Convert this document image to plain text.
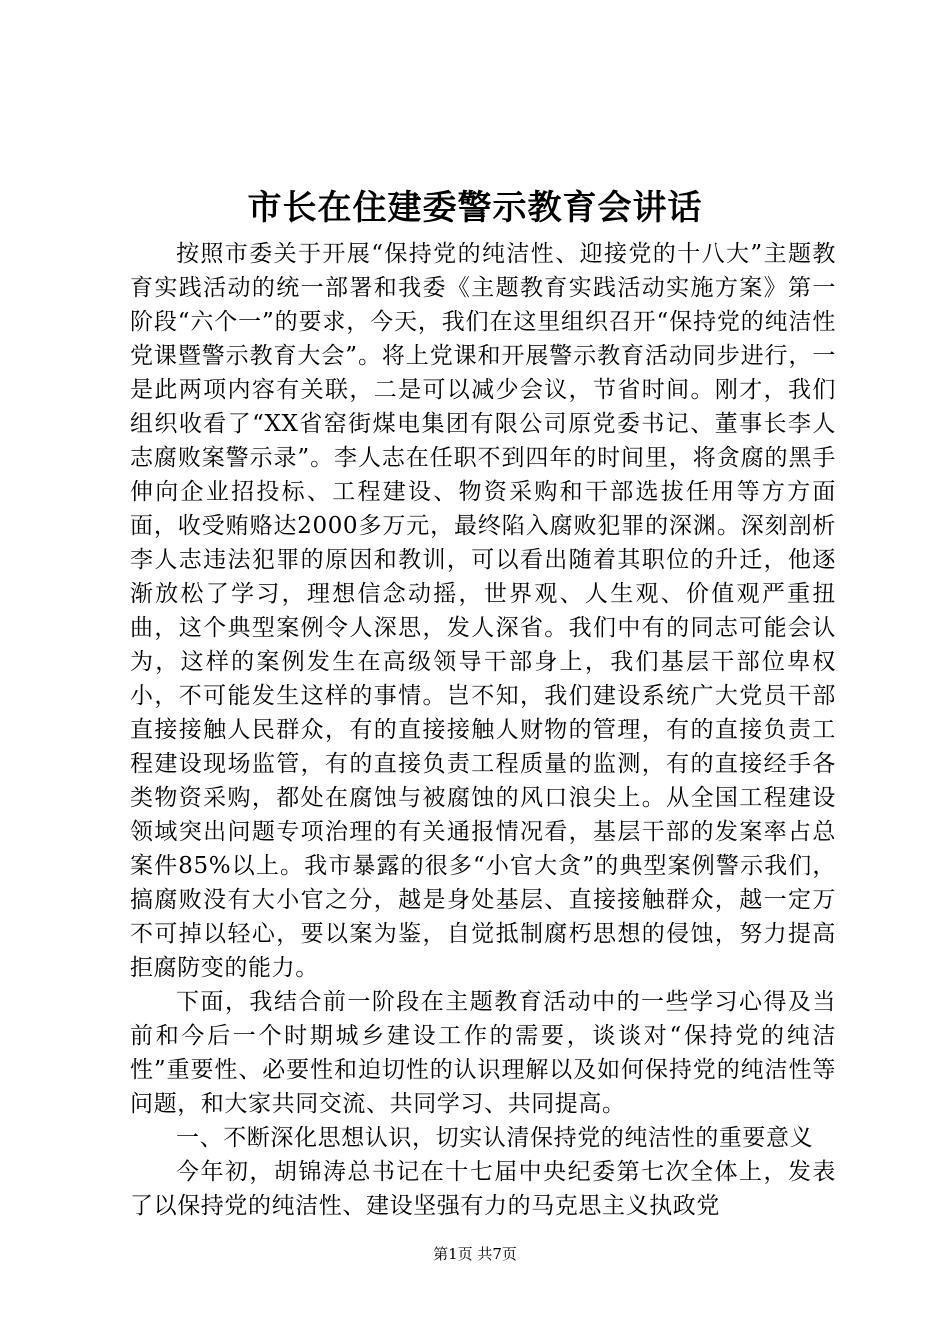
市长在住建委警示教育会讲话

按照市委关于开展“保持党的纯洁性、迎接党的十八大”主题教育实践活动的统一部署和我委《主题教育实践活动实施方案》第一阶段“六个一”的要求，今天，我们在这里组织召开“保持党的纯洁性党课暨警示教育大会”。将上党课和开展警示教育活动同步进行，一是此两项内容有关联，二是可以减少会议，节省时间。刚才，我们组织收看了“XX省窑街煤电集团有限公司原党委书记、董事长李人志腐败案警示录”。李人志在任职不到四年的时间里，将贪腐的黑手伸向企业招投标、工程建设、物资采购和干部选拔任用等方方面面，收受贿赂达2000多万元，最终陷入腐败犯罪的深渊。深刻剖析李人志违法犯罪的原因和教训，可以看出随着其职位的升迁，他逐渐放松了学习，理想信念动摇，世界观、人生观、价值观严重扭曲，这个典型案例令人深思，发人深省。我们中有的同志可能会认为，这样的案例发生在高级领导干部身上，我们基层干部位卑权小，不可能发生这样的事情。岂不知，我们建设系统广大党员干部直接接触人民群众，有的直接接触人财物的管理，有的直接负责工程建设现场监管，有的直接负责工程质量的监测，有的直接经手各类物资采购，都处在腐蚀与被腐蚀的风口浪尖上。从全国工程建设领域突出问题专项治理的有关通报情况看，基层干部的发案率占总案件85%以上。我市暴露的很多“小官大贪”的典型案例警示我们，搞腐败没有大小官之分，越是身处基层、直接接触群众，越一定万不可掉以轻心，要以案为鉴，自觉抵制腐朽思想的侵蚀，努力提高拒腐防变的能力。

下面，我结合前一阶段在主题教育活动中的一些学习心得及当前和今后一个时期城乡建设工作的需要，谈谈对“保持党的纯洁性”重要性、必要性和迫切性的认识理解以及如何保持党的纯洁性等问题，和大家共同交流、共同学习、共同提高。

一、不断深化思想认识，切实认清保持党的纯洁性的重要意义

今年初，胡锦涛总书记在十七届中央纪委第七次全体上，发表了以保持党的纯洁性、建设坚强有力的马克思主义执政党

第1页 共7页
